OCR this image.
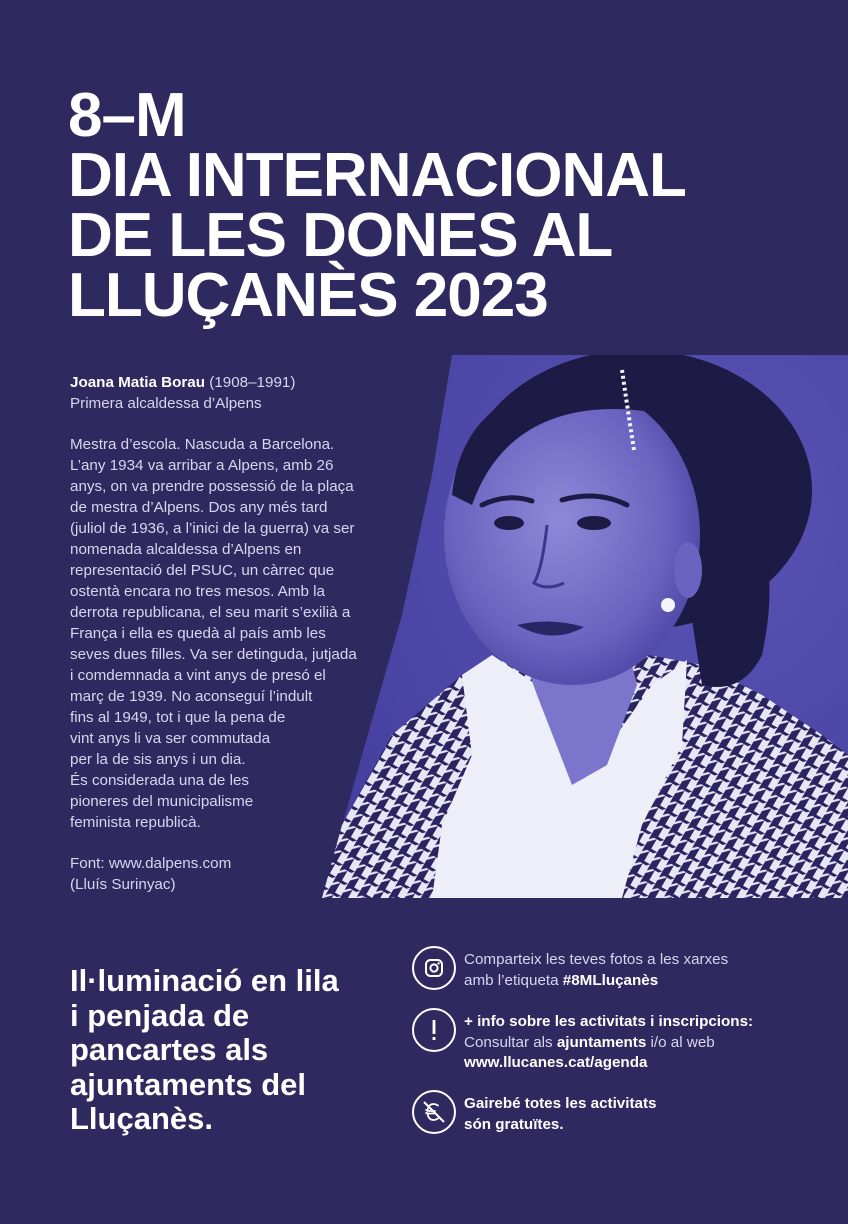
8–M
DIA INTERNACIONAL
DE LES DONES AL
LLUÇANÈS 2023
Joana Matia Borau (1908–1991)
Primera alcaldessa d’Alpens
Mestra d’escola. Nascuda a Barcelona.
L’any 1934 va arribar a Alpens, amb 26
anys, on va prendre possessió de la plaça
de mestra d’Alpens. Dos any més tard
(juliol de 1936, a l’inici de la guerra) va ser
nomenada alcaldessa d’Alpens en
representació del PSUC, un càrrec que
ostentà encara no tres mesos. Amb la
derrota republicana, el seu marit s’exilià a
França i ella es quedà al país amb les
seves dues filles. Va ser detinguda, jutjada
i comdemnada a vint anys de presó el
març de 1939. No aconseguí l’indult
fins al 1949, tot i que la pena de
vint anys li va ser commutada
per la de sis anys i un dia.
És considerada una de les
pioneres del municipalisme
feminista republicà.
Font: www.dalpens.com
(Lluís Surinyac)
Il·luminació en lila
i penjada de
pancartes als
ajuntaments del
Lluçanès.
Comparteix les teves fotos a les xarxes
amb l’etiqueta #8MLluçanès
+ info sobre les activitats i inscripcions:
Consultar als ajuntaments i/o al web
www.llucanes.cat/agenda
Gairebé totes les activitats
són gratuïtes.
